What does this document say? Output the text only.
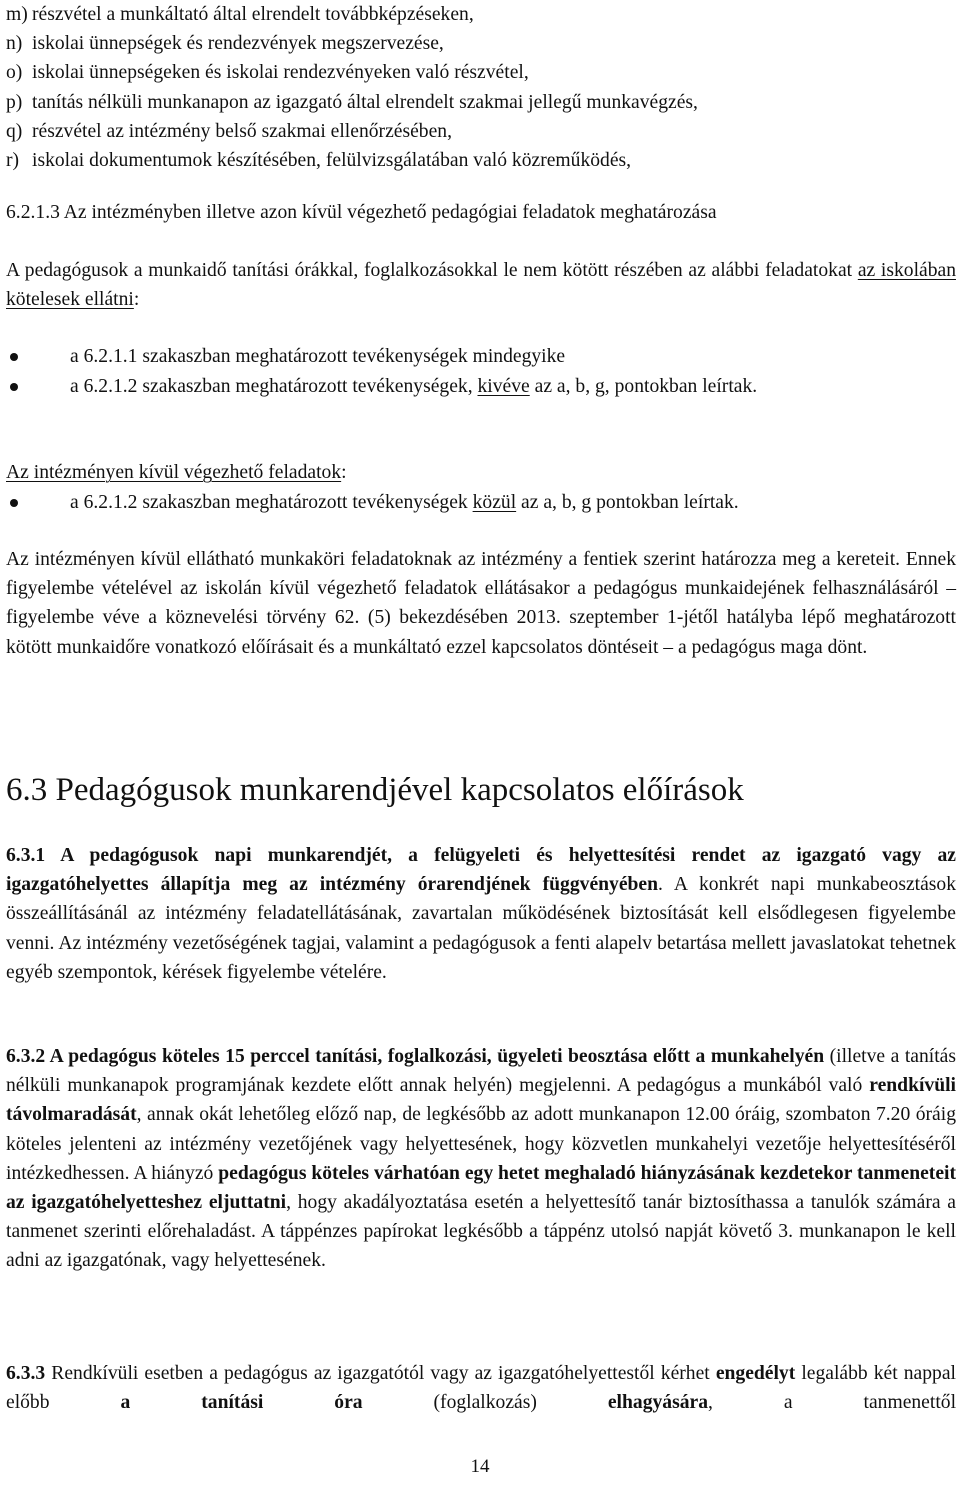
m) részvétel a munkáltató által elrendelt továbbképzéseken,
n) iskolai ünnepségek és rendezvények megszervezése,
o) iskolai ünnepségeken és iskolai rendezvényeken való részvétel,
p) tanítás nélküli munkanapon az igazgató által elrendelt szakmai jellegű munkavégzés,
q) részvétel az intézmény belső szakmai ellenőrzésében,
r) iskolai dokumentumok készítésében, felülvizsgálatában való közreműködés,

6.2.1.3 Az intézményben illetve azon kívül végezhető pedagógiai feladatok meghatározása

A pedagógusok a munkaidő tanítási órákkal, foglalkozásokkal le nem kötött részében az alábbi feladatokat az iskolában kötelesek ellátni:

a 6.2.1.1 szakaszban meghatározott tevékenységek mindegyike
a 6.2.1.2 szakaszban meghatározott tevékenységek, kivéve az a, b, g, pontokban leírtak.

Az intézményen kívül végezhető feladatok:

a 6.2.1.2 szakaszban meghatározott tevékenységek közül az a, b, g pontokban leírtak.

Az intézményen kívül ellátható munkaköri feladatoknak az intézmény a fentiek szerint határozza meg a kereteit. Ennek figyelembe vételével az iskolán kívül végezhető feladatok ellátásakor a pedagógus munkaidejének felhasználásáról – figyelembe véve a köznevelési törvény 62. (5) bekezdésében 2013. szeptember 1-jétől hatályba lépő meghatározott kötött munkaidőre vonatkozó előírásait és a munkáltató ezzel kapcsolatos döntéseit – a pedagógus maga dönt.

6.3 Pedagógusok munkarendjével kapcsolatos előírások

6.3.1 A pedagógusok napi munkarendjét, a felügyeleti és helyettesítési rendet az igazgató vagy az igazgatóhelyettes állapítja meg az intézmény órarendjének függvényében. A konkrét napi munkabeosztások összeállításánál az intézmény feladatellátásának, zavartalan működésének biztosítását kell elsődlegesen figyelembe venni. Az intézmény vezetőségének tagjai, valamint a pedagógusok a fenti alapelv betartása mellett javaslatokat tehetnek egyéb szempontok, kérések figyelembe vételére.

6.3.2 A pedagógus köteles 15 perccel tanítási, foglalkozási, ügyeleti beosztása előtt a munkahelyén (illetve a tanítás nélküli munkanapok programjának kezdete előtt annak helyén) megjelenni. A pedagógus a munkából való rendkívüli távolmaradását, annak okát lehetőleg előző nap, de legkésőbb az adott munkanapon 12.00 óráig, szombaton 7.20 óráig köteles jelenteni az intézmény vezetőjének vagy helyettesének, hogy közvetlen munkahelyi vezetője helyettesítéséről intézkedhessen. A hiányzó pedagógus köteles várhatóan egy hetet meghaladó hiányzásának kezdetekor tanmeneteit az igazgatóhelyetteshez eljuttatni, hogy akadályoztatása esetén a helyettesítő tanár biztosíthassa a tanulók számára a tanmenet szerinti előrehaladást. A táppénzes papírokat legkésőbb a táppénz utolsó napját követő 3. munkanapon le kell adni az igazgatónak, vagy helyettesének.

6.3.3 Rendkívüli esetben a pedagógus az igazgatótól vagy az igazgatóhelyettestől kérhet engedélyt legalább két nappal előbb a tanítási óra (foglalkozás) elhagyására, a tanmenettől

14
